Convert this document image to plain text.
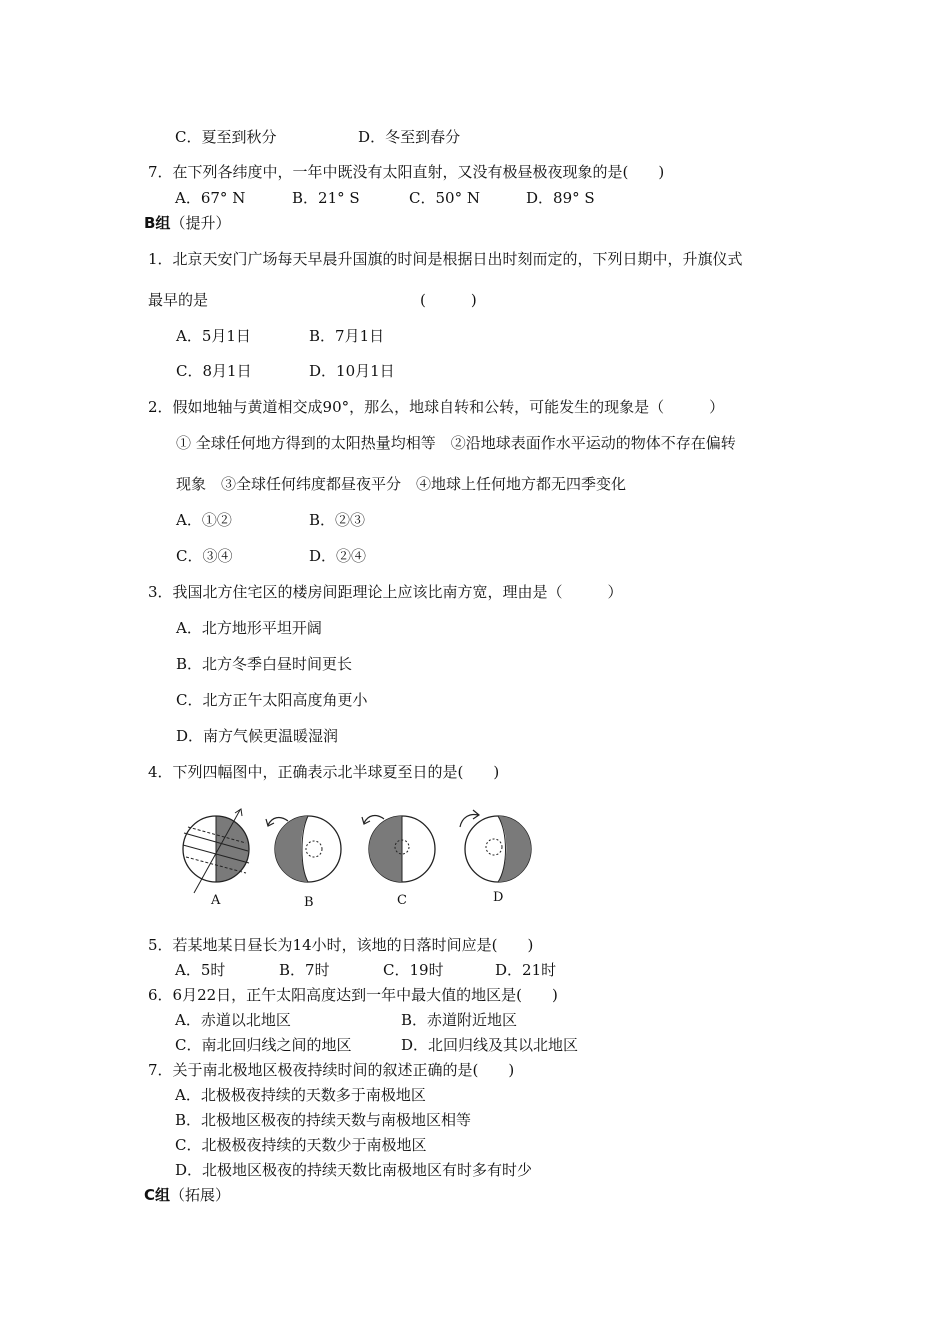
C．夏至到秋分	D．冬至到春分
7．在下列各纬度中，一年中既没有太阳直射，又没有极昼极夜现象的是(　　)
A．67° N	B．21° S	C．50° N	D．89° S
B组（提升）
1．北京天安门广场每天早晨升国旗的时间是根据日出时刻而定的，下列日期中，升旗仪式
最早的是	(　　　)
A．5月1日	B．7月1日
C．8月1日	D．10月1日
2．假如地轴与黄道相交成90°，那么，地球自转和公转，可能发生的现象是（　　　）
① 全球任何地方得到的太阳热量均相等　②沿地球表面作水平运动的物体不存在偏转
现象　③全球任何纬度都昼夜平分　④地球上任何地方都无四季变化
A．①②	B．②③
C．③④	D．②④
3．我国北方住宅区的楼房间距理论上应该比南方宽，理由是（　　　）
A．北方地形平坦开阔
B．北方冬季白昼时间更长
C．北方正午太阳高度角更小
D．南方气候更温暖湿润
4．下列四幅图中，正确表示北半球夏至日的是(　　)
A	B	C	D
5．若某地某日昼长为14小时，该地的日落时间应是(　　)
A．5时	B．7时	C．19时	D．21时
6．6月22日，正午太阳高度达到一年中最大值的地区是(　　)
A．赤道以北地区	B．赤道附近地区
C．南北回归线之间的地区	D．北回归线及其以北地区
7．关于南北极地区极夜持续时间的叙述正确的是(　　)
A．北极极夜持续的天数多于南极地区
B．北极地区极夜的持续天数与南极地区相等
C．北极极夜持续的天数少于南极地区
D．北极地区极夜的持续天数比南极地区有时多有时少
C组（拓展）
